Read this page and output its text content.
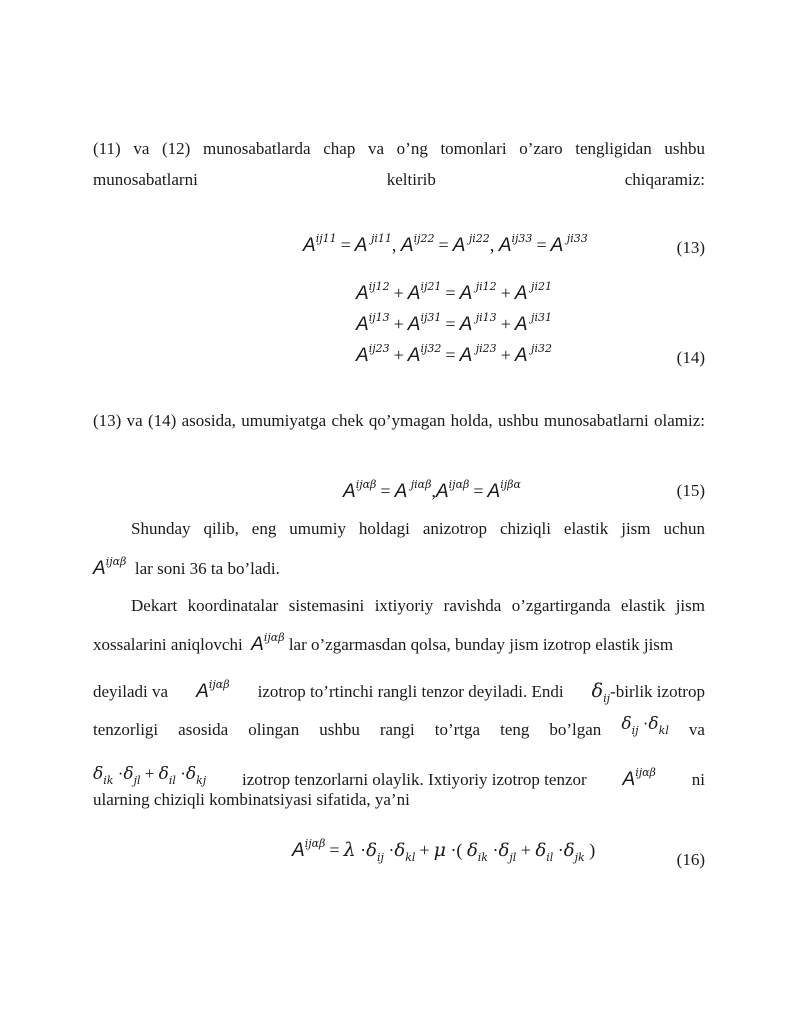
(11) va (12) munosabatlarda chap va o’ng tomonlari o’zaro tengligidan ushbu munosabatlarni keltirib chiqaramiz:

$A^{ij11} = A$ $^{ji11}$, $A^{ij22} = A$ $^{ji22}$, $A^{ij33} = A$ $^{ji33}$	(13)
$A^{ij12} + A^{ij21} = A$ $^{ji12}$ + A $^{ji21}$
$A^{ij13} + A^{ij31} = A$ $^{ji13}$ + A $^{ji31}$
$A^{ij23} + A^{ij32} = A$ $^{ji23}$ + A $^{ji32}$	(14)

(13) va (14) asosida, umumiyatga chek qo’ymagan holda, ushbu munosabatlarni olamiz:

$A^{ij\alpha\beta} = A$ $^{ji\alpha\beta},A^{ij\alpha\beta} = A^{ij\beta\alpha}$	(15)
Shunday qilib, eng umumiy holdagi anizotrop chiziqli elastik jism uchun
$A^{ij\alpha\beta}$ lar soni 36 ta bo’ladi.
Dekart koordinatalar sistemasini ixtiyoriy ravishda o’zgartirganda elastik jism
xossalarini aniqlovchi $A^{ij\alpha\beta}$ lar o’zgarmasdan qolsa, bunday jism izotrop elastik jism
deyiladi va $A^{ij\alpha\beta}$ izotrop to’rtinchi rangli tenzor deyiladi. Endi $\delta_{ij}$-birlik izotrop
tenzorligi asosida olingan ushbu rangi to’rtga teng bo’lgan $\delta_{ij} \cdot\delta_{kl}$ va
$\delta_{ik} \cdot\delta_{jl} + \delta_{il} \cdot\delta_{kj}$ izotrop tenzorlarni olaylik. Ixtiyoriy izotrop tenzor $A^{ij\alpha\beta}$ ni
ularning chiziqli kombinatsiyasi sifatida, ya’ni
$A^{ij\alpha\beta} = \lambda \cdot\delta_{ij} \cdot\delta_{kl} + \mu$ ·( $\delta_{ik} \cdot\delta_{jl} + \delta_{il} \cdot\delta_{jk}$ )	(16)
